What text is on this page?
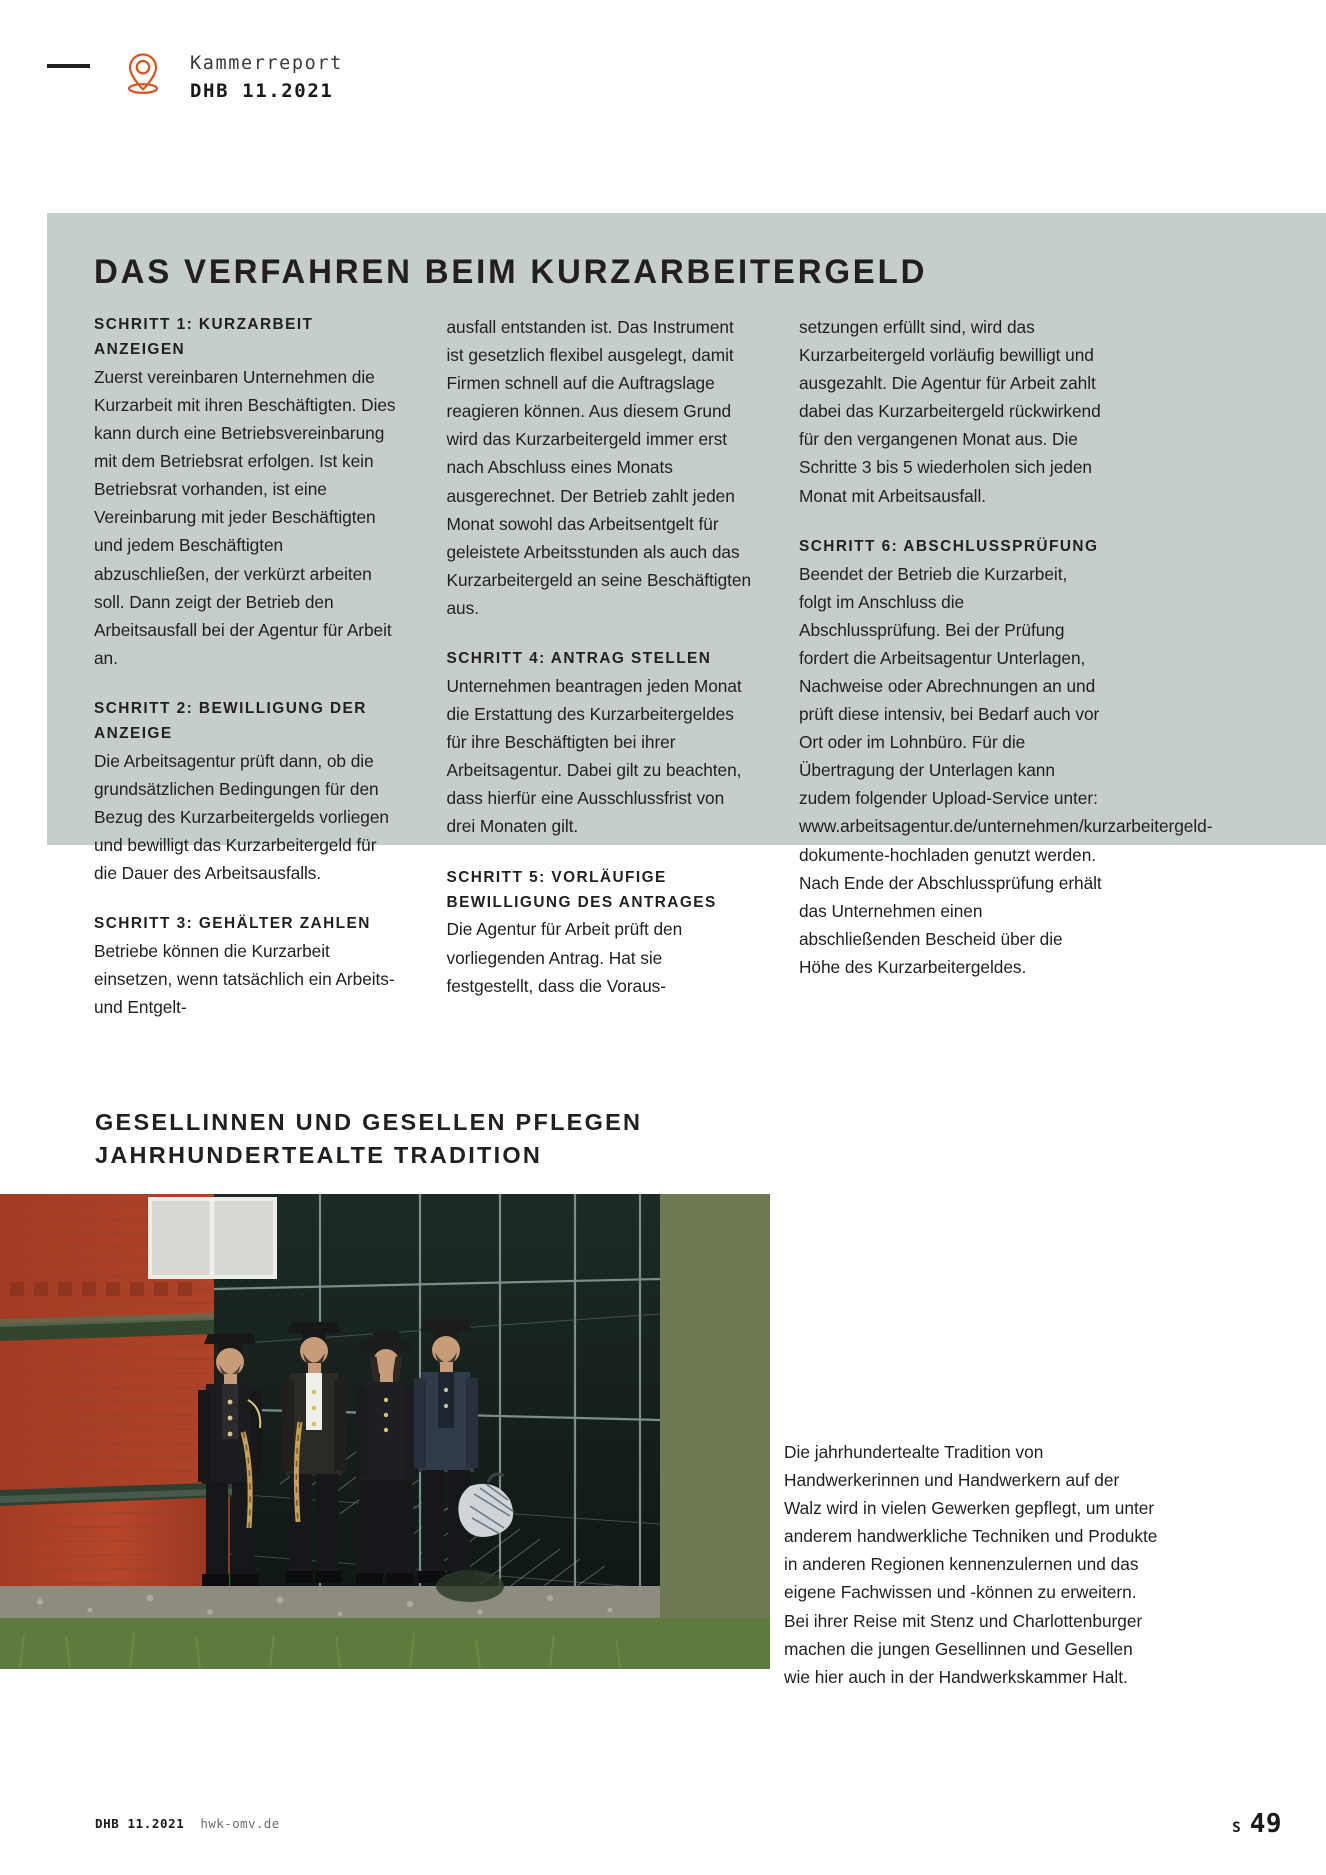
Kammerreport
DHB 11.2021
DAS VERFAHREN BEIM KURZARBEITERGELD
SCHRITT 1: KURZARBEIT ANZEIGEN
Zuerst vereinbaren Unternehmen die Kurzarbeit mit ihren Beschäftigten. Dies kann durch eine Betriebsvereinbarung mit dem Betriebsrat erfolgen. Ist kein Betriebsrat vorhanden, ist eine Vereinbarung mit jeder Beschäftigten und jedem Beschäftigten abzuschließen, der verkürzt arbeiten soll. Dann zeigt der Betrieb den Arbeitsausfall bei der Agentur für Arbeit an.
SCHRITT 2: BEWILLIGUNG DER ANZEIGE
Die Arbeitsagentur prüft dann, ob die grundsätzlichen Bedingungen für den Bezug des Kurzarbeitergelds vorliegen und bewilligt das Kurzarbeitergeld für die Dauer des Arbeitsausfalls.
SCHRITT 3: GEHÄLTER ZAHLEN
Betriebe können die Kurzarbeit einsetzen, wenn tatsächlich ein Arbeits- und Entgelt-
ausfall entstanden ist. Das Instrument ist gesetzlich flexibel ausgelegt, damit Firmen schnell auf die Auftragslage reagieren können. Aus diesem Grund wird das Kurzarbeitergeld immer erst nach Abschluss eines Monats ausgerechnet. Der Betrieb zahlt jeden Monat sowohl das Arbeitsentgelt für geleistete Arbeitsstunden als auch das Kurzarbeitergeld an seine Beschäftigten aus.
SCHRITT 4: ANTRAG STELLEN
Unternehmen beantragen jeden Monat die Erstattung des Kurzarbeitergeldes für ihre Beschäftigten bei ihrer Arbeitsagentur. Dabei gilt zu beachten, dass hierfür eine Ausschlussfrist von drei Monaten gilt.
SCHRITT 5: VORLÄUFIGE BEWILLIGUNG DES ANTRAGES
Die Agentur für Arbeit prüft den vorliegenden Antrag. Hat sie festgestellt, dass die Voraus-
setzungen erfüllt sind, wird das Kurzarbeitergeld vorläufig bewilligt und ausgezahlt. Die Agentur für Arbeit zahlt dabei das Kurzarbeitergeld rückwirkend für den vergangenen Monat aus. Die Schritte 3 bis 5 wiederholen sich jeden Monat mit Arbeitsausfall.
SCHRITT 6: ABSCHLUSSPRÜFUNG
Beendet der Betrieb die Kurzarbeit, folgt im Anschluss die Abschlussprüfung. Bei der Prüfung fordert die Arbeitsagentur Unterlagen, Nachweise oder Abrechnungen an und prüft diese intensiv, bei Bedarf auch vor Ort oder im Lohnbüro. Für die Übertragung der Unterlagen kann zudem folgender Upload-Service unter: www.arbeitsagentur.de/unternehmen/kurzarbeitergeld-dokumente-hochladen genutzt werden. Nach Ende der Abschlussprüfung erhält das Unternehmen einen abschließenden Bescheid über die Höhe des Kurzarbeitergeldes.
GESELLINNEN UND GESELLEN PFLEGEN
JAHRHUNDERTEALTE TRADITION
Foto: © HWK
Die jahrhundertealte Tradition von Handwerkerinnen und Handwerkern auf der Walz wird in vielen Gewerken gepflegt, um unter anderem handwerkliche Techniken und Produkte in anderen Regionen kennenzulernen und das eigene Fachwissen und -können zu erweitern. Bei ihrer Reise mit Stenz und Charlottenburger machen die jungen Gesellinnen und Gesellen wie hier auch in der Handwerkskammer Halt.
DHB 11.2021 hwk-omv.de	S 49
